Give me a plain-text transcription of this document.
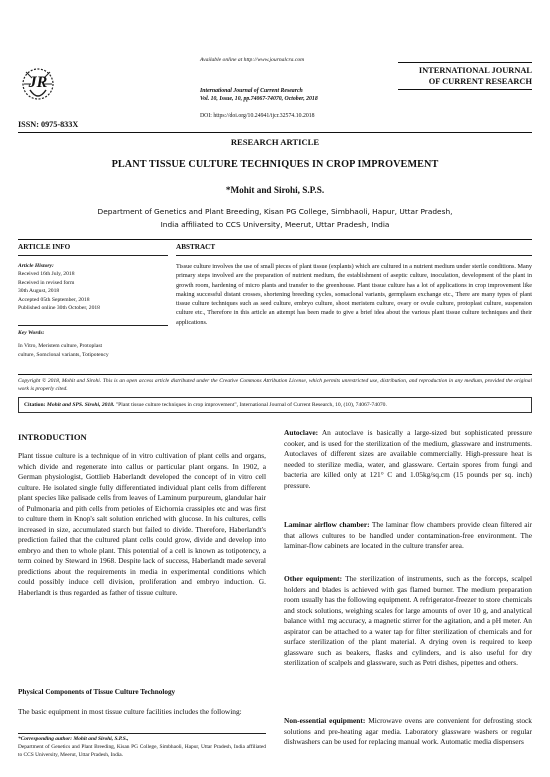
JR
Available online at http://www.journalcra.com
INTERNATIONAL JOURNAL
OF CURRENT RESEARCH
International Journal of Current Research
Vol. 10, Issue, 10, pp.74067-74070, October, 2018
DOI: https://doi.org/10.24941/ijcr.32574.10.2018
ISSN: 0975-833X
RESEARCH ARTICLE
PLANT TISSUE CULTURE TECHNIQUES IN CROP IMPROVEMENT
*Mohit and Sirohi, S.P.S.
Department of Genetics and Plant Breeding, Kisan PG College, Simbhaoli, Hapur, Uttar Pradesh,
India affiliated to CCS University, Meerut, Uttar Pradesh, India
ARTICLE INFO	ABSTRACT
Article History:
Received 16th July, 2018
Received in revised form
30th August, 2018
Accepted 05th September, 2018
Published online 30th October, 2018
Key Words:
In Vitro, Meristem culture, Protoplast
culture, Somclonal variants, Totipotency
Tissue culture involves the use of small pieces of plant tissue (explants) which are cultured in a nutrient medium under sterile conditions. Many primary steps involved are the preparation of nutrient medium, the establishment of aseptic culture, inoculation, development of the plant in growth room, hardening of micro plants and transfer to the greenhouse. Plant tissue culture has a lot of applications in crop improvement like making successful distant crosses, shortening breeding cycles, somaclonal variants, germplasm exchange etc., There are many types of plant tissue culture techniques such as seed culture, embryo culture, shoot meristem culture, ovary or ovule culture, protoplast culture, suspension culture etc., Therefore in this article an attempt has been made to give a brief idea about the various plant tissue culture techniques and their applications.
Copyright © 2018, Mohit and Sirohi. This is an open access article distributed under the Creative Commons Attribution License, which permits unrestricted use, distribution, and reproduction in any medium, provided the original work is properly cited.
Citation: Mohit and SPS. Sirohi, 2018. "Plant tissue culture techniques in crop improvement", International Journal of Current Research, 10, (10), 74067-74070.
INTRODUCTION
Plant tissue culture is a technique of in vitro cultivation of plant cells and organs, which divide and regenerate into callus or particular plant organs. In 1902, a German physiologist, Gottlieb Haberlandt developed the concept of in vitro cell culture. He isolated single fully differentiated individual plant cells from different plant species like palisade cells from leaves of Laminum purpureum, glandular hair of Pulmonaria and pith cells from petioles of Eichornia crassiples etc and was first to culture them in Knop's salt solution enriched with glucose. In his cultures, cells increased in size, accumulated starch but failed to divide. Therefore, Haberlandt's prediction failed that the cultured plant cells could grow, divide and develop into embryo and then to whole plant. This potential of a cell is known as totipotency, a term coined by Steward in 1968. Despite lack of success, Haberlandt made several predictions about the requirements in media in experimental conditions which could possibly induce cell division, proliferation and embryo induction. G. Haberlandt is thus regarded as father of tissue culture.
Physical Components of Tissue Culture Technology
The basic equipment in most tissue culture facilities includes the following:
*Corresponding author: Mohit and Sirohi, S.P.S.,
Department of Genetics and Plant Breeding, Kisan PG College, Simbhaoli, Hapur, Uttar Pradesh, India affiliated to CCS University, Meerut, Uttar Pradesh, India.
Autoclave: An autoclave is basically a large-sized but sophisticated pressure cooker, and is used for the sterilization of the medium, glassware and instruments. Autoclaves of different sizes are available commercially. High-pressure heat is needed to sterilize media, water, and glassware. Certain spores from fungi and bacteria are killed only at 121° C and 1.05kg/sq.cm (15 pounds per sq. inch) pressure.
Laminar airflow chamber: The laminar flow chambers provide clean filtered air that allows cultures to be handled under contamination-free environment. The laminar-flow cabinets are located in the culture transfer area.
Other equipment: The sterilization of instruments, such as the forceps, scalpel holders and blades is achieved with gas flamed burner. The medium preparation room usually has the following equipment. A refrigerator-freezer to store chemicals and stock solutions, weighing scales for large amounts of over 10 g, and analytical balance with1 mg accuracy, a magnetic stirrer for the agitation, and a pH meter. An aspirator can be attached to a water tap for filter sterilization of chemicals and for surface sterilization of the plant material. A drying oven is required to keep glassware such as beakers, flasks and cylinders, and is also useful for dry sterilization of scalpels and glassware, such as Petri dishes, pipettes and others.
Non-essential equipment: Microwave ovens are convenient for defrosting stock solutions and pre-heating agar media. Laboratory glassware washers or regular dishwashers can be used for replacing manual work. Automatic media dispensers
